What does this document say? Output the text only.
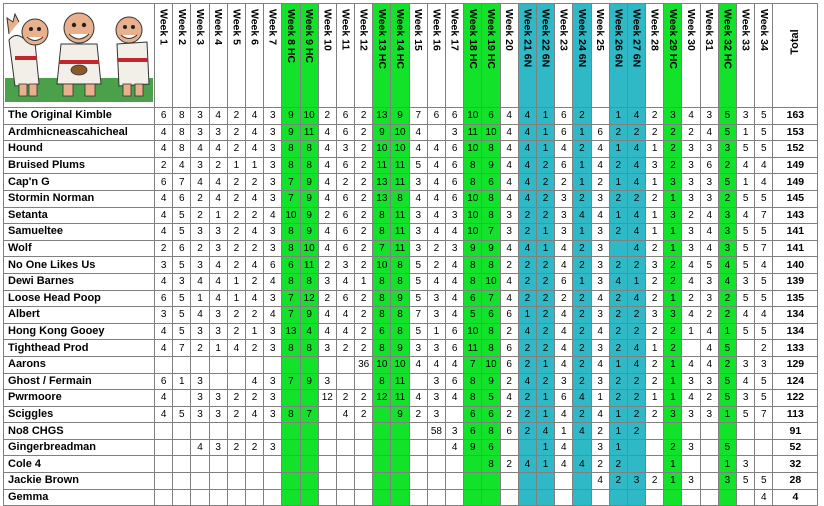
Week 1	Week 2	Week 3	Week 4	Week 5	Week 6	Week 7	Week 8 HC	Week 9 HC	Week 10	Week 11	Week 12	Week 13 HC	Week 14 HC	Week 15	Week 16	Week 17	Week 18 HC	Week 19 HC	Week 20	Week 21 6N	Week 22 6N	Week 23	Week 24 6N	Week 25	Week 26 6N	Week 27 6N	Week 28	Week 29 HC	Week 30	Week 31	Week 32 HC	Week 33	Week 34	Total

The Original Kimble	6	8	3	4	2	4	3	9	10	2	6	2	13	9	7	6	6	10	6	4	4	1	6	2		1	4	2	3	4	3	5	3	5	163
Ardmhicneascahicheal	4	8	3	3	2	4	3	9	11	4	6	2	9	10	4		3	11	10	4	4	1	6	1	6	2	2	2	2	2	4	5	1	5	153
Hound	4	8	4	4	2	4	3	8	8	4	3	2	10	10	4	4	6	10	8	4	4	1	4	2	4	1	4	1	2	3	3	3	5	5	152
Bruised Plums	2	4	3	2	1	1	3	8	8	4	6	2	11	11	5	4	6	8	9	4	4	2	6	1	4	2	4	3	2	3	6	2	4	4	149
Cap'n G	6	7	4	4	2	2	3	7	9	4	2	2	13	11	3	4	6	8	6	4	4	2	2	1	2	1	4	1	3	3	3	5	1	4	149
Stormin Norman	4	6	2	4	2	4	3	7	9	4	6	2	13	8	4	4	6	10	8	4	4	2	3	2	3	2	2	2	1	3	3	2	5	5	145
Setanta	4	5	2	1	2	2	4	10	9	2	6	2	8	11	3	4	3	10	8	3	2	2	3	4	4	1	4	1	3	2	4	3	4	7	143
Samueltee	4	5	3	3	2	4	3	8	9	4	6	2	8	11	3	4	4	10	7	3	2	1	3	1	3	2	4	1	1	3	4	3	5	5	141
Wolf	2	6	2	3	2	2	3	8	10	4	6	2	7	11	3	2	3	9	9	4	4	1	4	2	3		4	2	1	3	4	3	5	7	141
No One Likes Us	3	5	3	4	2	4	6	6	11	2	3	2	10	8	5	2	4	8	8	2	2	2	4	2	3	2	2	3	2	4	5	4	5	4	140
Dewi Barnes	4	3	4	4	1	2	4	8	8	3	4	1	8	8	5	4	4	8	10	4	2	2	6	1	3	4	1	2	2	4	3	4	3	5	139
Loose Head Poop	6	5	1	4	1	4	3	7	12	2	6	2	8	9	5	3	4	6	7	4	2	2	2	2	4	2	4	2	1	2	3	2	5	5	135
Albert	3	5	4	3	2	2	4	7	9	4	4	2	8	8	7	3	4	5	6	6	1	2	4	2	3	2	2	3	3	4	2	2	4	4	134
Hong Kong Gooey	4	5	3	3	2	1	3	13	4	4	4	2	6	8	5	1	6	10	8	2	4	2	4	2	4	2	2	2	2	1	4	1	5	5	134
Tighthead Prod	4	7	2	1	4	2	3	8	8	3	2	2	8	9	3	3	6	11	8	6	2	2	4	2	3	2	4	1	2		4	5		2	133
Aarons												36	10	10	4	4	4	7	10	6	2	1	4	2	4	1	4	2	1	4	4	2	3	3	129
Ghost / Fermain	6	1	3			4	3	7	9	3			8	11		3	6	8	9	2	4	2	3	2	3	2	2	2	1	3	3	5	4	5	124
Pwrmoore	4		3	3	2	2	3			12	2	2	12	11	4	3	4	8	5	4	2	1	6	4	1	2	2	1	1	4	2	5	3	5	122
Sciggles	4	5	3	3	2	4	3	8	7		4	2		9	2	3		6	6	2	2	1	4	2	4	1	2	2	3	3	3	1	5	7	113
No8 CHGS																58	3	6	8	6	2	4	1	4	2	1	2								91
Gingerbreadman			4	3	2	2	3										4	9	6			1	4		3	1			2	3		5			52
Cole 4																			8	2	4	1	4	4	2	2			1			1	3		32
Jackie Brown																									4	2	3	2	1	3		3	5	5	28
Gemma																																		4	4
